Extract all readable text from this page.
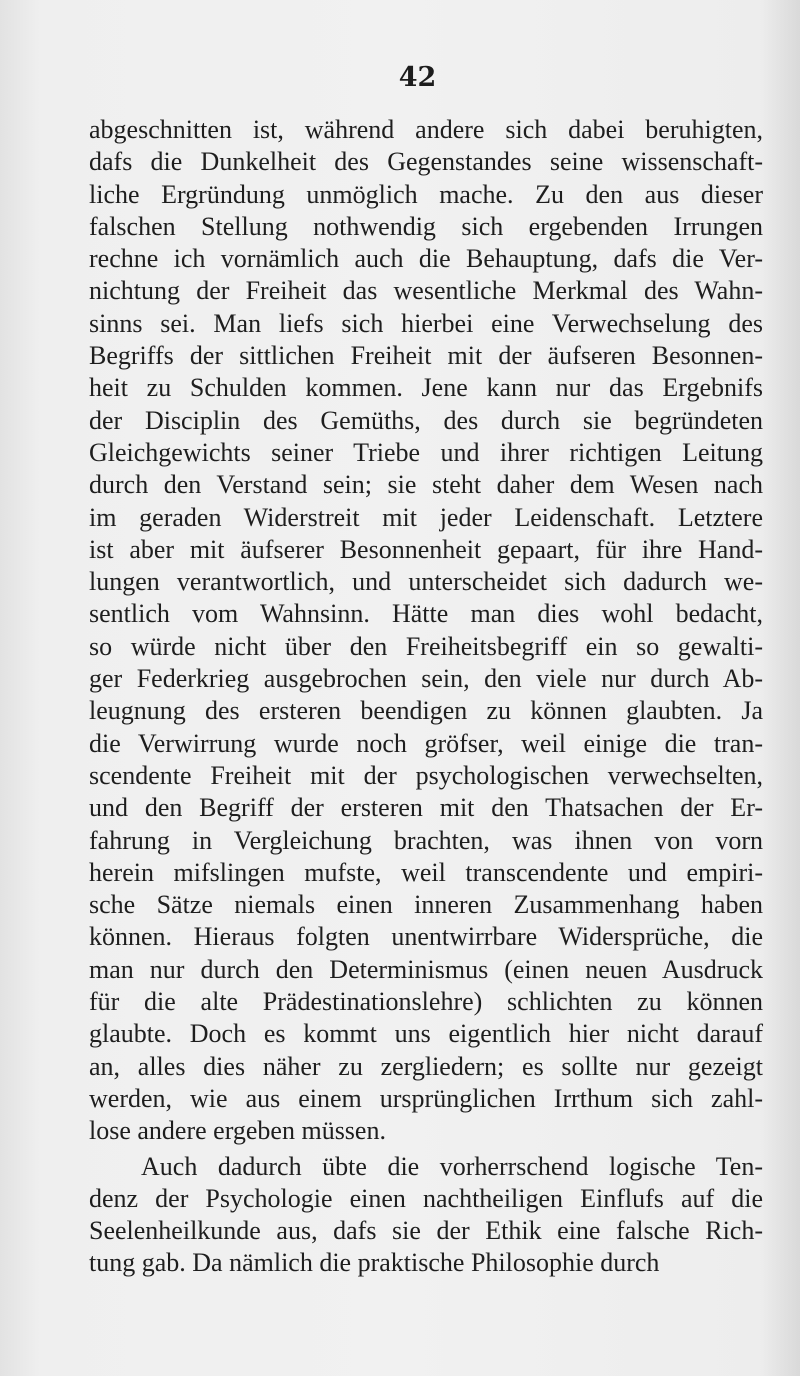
42
abgeschnitten ist, während andere sich dabei beruhigten,
dafs die Dunkelheit des Gegenstandes seine wissenschaft-
liche Ergründung unmöglich mache. Zu den aus dieser
falschen Stellung nothwendig sich ergebenden Irrungen
rechne ich vornämlich auch die Behauptung, dafs die Ver-
nichtung der Freiheit das wesentliche Merkmal des Wahn-
sinns sei. Man liefs sich hierbei eine Verwechselung des
Begriffs der sittlichen Freiheit mit der äufseren Besonnen-
heit zu Schulden kommen. Jene kann nur das Ergebnifs
der Disciplin des Gemüths, des durch sie begründeten
Gleichgewichts seiner Triebe und ihrer richtigen Leitung
durch den Verstand sein; sie steht daher dem Wesen nach
im geraden Widerstreit mit jeder Leidenschaft. Letztere
ist aber mit äufserer Besonnenheit gepaart, für ihre Hand-
lungen verantwortlich, und unterscheidet sich dadurch we-
sentlich vom Wahnsinn. Hätte man dies wohl bedacht,
so würde nicht über den Freiheitsbegriff ein so gewalti-
ger Federkrieg ausgebrochen sein, den viele nur durch Ab-
leugnung des ersteren beendigen zu können glaubten. Ja
die Verwirrung wurde noch gröfser, weil einige die tran-
scendente Freiheit mit der psychologischen verwechselten,
und den Begriff der ersteren mit den Thatsachen der Er-
fahrung in Vergleichung brachten, was ihnen von vorn
herein mifslingen mufste, weil transcendente und empiri-
sche Sätze niemals einen inneren Zusammenhang haben
können. Hieraus folgten unentwirrbare Widersprüche, die
man nur durch den Determinismus (einen neuen Ausdruck
für die alte Prädestinationslehre) schlichten zu können
glaubte. Doch es kommt uns eigentlich hier nicht darauf
an, alles dies näher zu zergliedern; es sollte nur gezeigt
werden, wie aus einem ursprünglichen Irrthum sich zahl-
lose andere ergeben müssen.
Auch dadurch übte die vorherrschend logische Ten-
denz der Psychologie einen nachtheiligen Einflufs auf die
Seelenheilkunde aus, dafs sie der Ethik eine falsche Rich-
tung gab. Da nämlich die praktische Philosophie durch
